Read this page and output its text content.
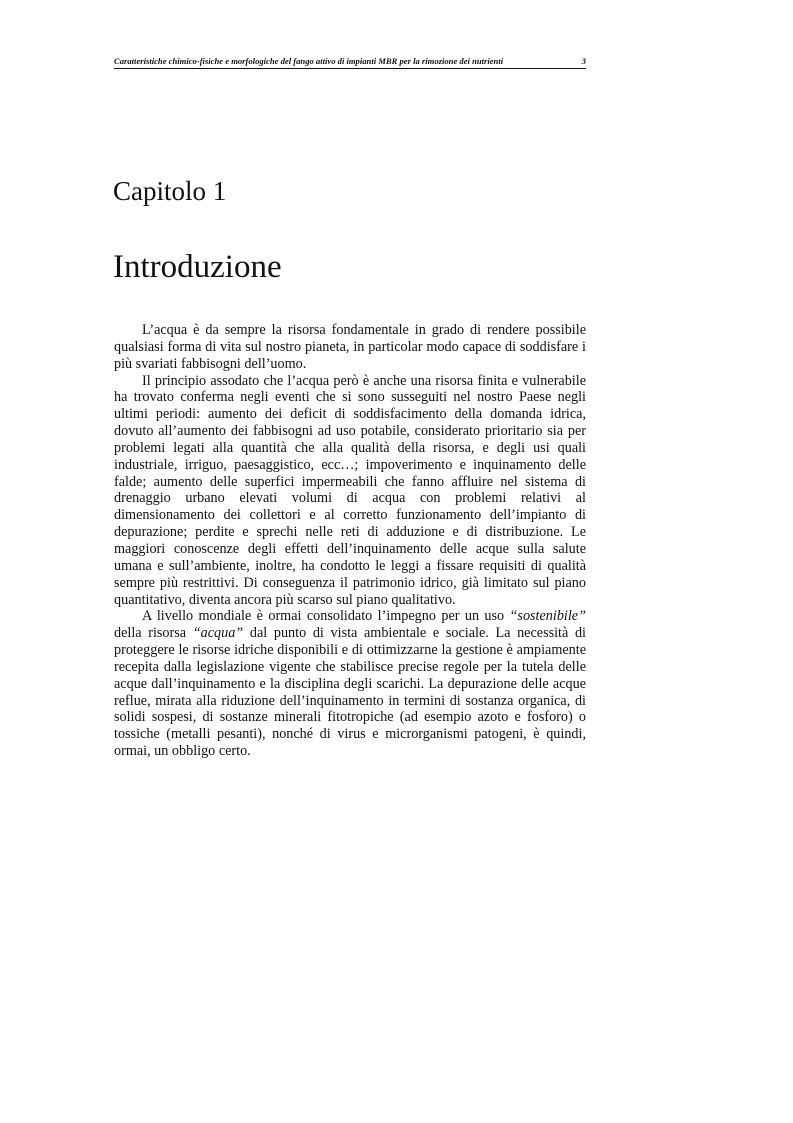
Caratteristiche chimico-fisiche e morfologiche del fango attivo di impianti MBR per la rimozione dei nutrienti	3
Capitolo 1
Introduzione

L’acqua è da sempre la risorsa fondamentale in grado di rendere possibile qualsiasi forma di vita sul nostro pianeta, in particolar modo capace di soddisfare i più svariati fabbisogni dell’uomo.

Il principio assodato che l’acqua però è anche una risorsa finita e vulnerabile ha trovato conferma negli eventi che si sono susseguiti nel nostro Paese negli ultimi periodi: aumento dei deficit di soddisfacimento della domanda idrica, dovuto all’aumento dei fabbisogni ad uso potabile, considerato prioritario sia per problemi legati alla quantità che alla qualità della risorsa, e degli usi quali industriale, irriguo, paesaggistico, ecc…; impoverimento e inquinamento delle falde; aumento delle superfici impermeabili che fanno affluire nel sistema di drenaggio urbano elevati volumi di acqua con problemi relativi al dimensionamento dei collettori e al corretto funzionamento dell’impianto di depurazione; perdite e sprechi nelle reti di adduzione e di distribuzione. Le maggiori conoscenze degli effetti dell’inquinamento delle acque sulla salute umana e sull’ambiente, inoltre, ha condotto le leggi a fissare requisiti di qualità sempre più restrittivi. Di conseguenza il patrimonio idrico, già limitato sul piano quantitativo, diventa ancora più scarso sul piano qualitativo.

A livello mondiale è ormai consolidato l’impegno per un uso “sostenibile” della risorsa “acqua” dal punto di vista ambientale e sociale. La necessità di proteggere le risorse idriche disponibili e di ottimizzarne la gestione è ampiamente recepita dalla legislazione vigente che stabilisce precise regole per la tutela delle acque dall’inquinamento e la disciplina degli scarichi. La depurazione delle acque reflue, mirata alla riduzione dell’inquinamento in termini di sostanza organica, di solidi sospesi, di sostanze minerali fitotropiche (ad esempio azoto e fosforo) o tossiche (metalli pesanti), nonché di virus e microrganismi patogeni, è quindi, ormai, un obbligo certo.
